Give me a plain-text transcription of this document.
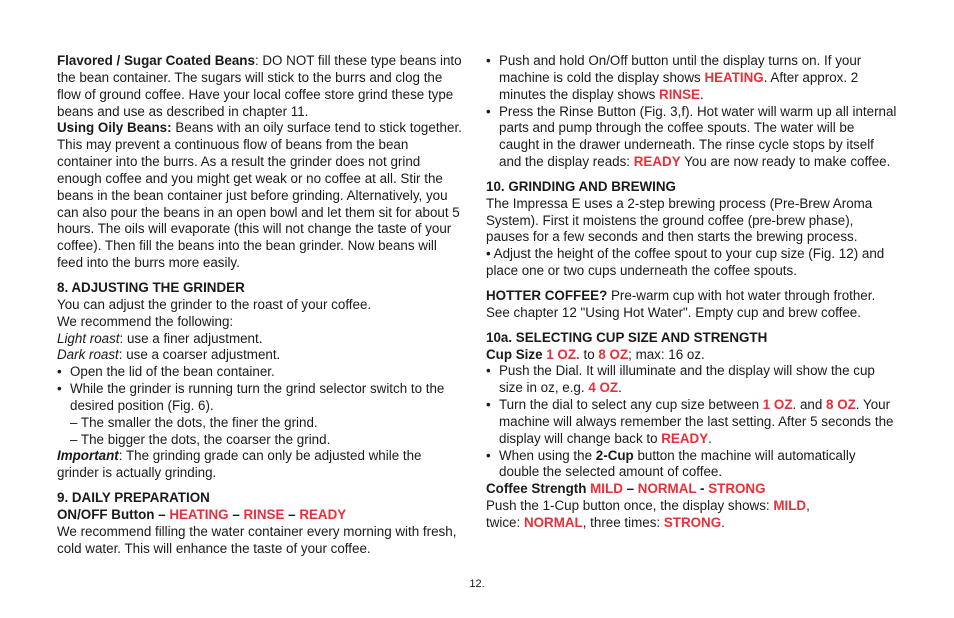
Flavored / Sugar Coated Beans: DO NOT fill these type beans into the bean container. The sugars will stick to the burrs and clog the flow of ground coffee. Have your local coffee store grind these type beans and use as described in chapter 11.

Using Oily Beans: Beans with an oily surface tend to stick together. This may prevent a continuous flow of beans from the bean container into the burrs. As a result the grinder does not grind enough coffee and you might get weak or no coffee at all. Stir the beans in the bean container just before grinding. Alternatively, you can also pour the beans in an open bowl and let them sit for about 5 hours. The oils will evaporate (this will not change the taste of your coffee). Then fill the beans into the bean grinder. Now beans will feed into the burrs more easily.

8. ADJUSTING THE GRINDER

You can adjust the grinder to the roast of your coffee.

We recommend the following:

Light roast: use a finer adjustment.

Dark roast: use a coarser adjustment.

• Open the lid of the bean container.

• While the grinder is running turn the grind selector switch to the desired position (Fig. 6).

– The smaller the dots, the finer the grind.

– The bigger the dots, the coarser the grind.

Important: The grinding grade can only be adjusted while the grinder is actually grinding.

9. DAILY PREPARATION

ON/OFF Button – HEATING – RINSE – READY

We recommend filling the water container every morning with fresh, cold water. This will enhance the taste of your coffee.

• Push and hold On/Off button until the display turns on. If your machine is cold the display shows HEATING. After approx. 2 minutes the display shows RINSE.

• Press the Rinse Button (Fig. 3,f). Hot water will warm up all internal parts and pump through the coffee spouts. The water will be caught in the drawer underneath. The rinse cycle stops by itself and the display reads: READY You are now ready to make coffee.

10. GRINDING AND BREWING

The Impressa E uses a 2-step brewing process (Pre-Brew Aroma System). First it moistens the ground coffee (pre-brew phase), pauses for a few seconds and then starts the brewing process.

• Adjust the height of the coffee spout to your cup size (Fig. 12) and place one or two cups underneath the coffee spouts.

HOTTER COFFEE? Pre-warm cup with hot water through frother. See chapter 12 "Using Hot Water". Empty cup and brew coffee.

10a. SELECTING CUP SIZE AND STRENGTH

Cup Size 1 OZ. to 8 OZ; max: 16 oz.

• Push the Dial. It will illuminate and the display will show the cup size in oz, e.g. 4 OZ.

• Turn the dial to select any cup size between 1 OZ. and 8 OZ. Your machine will always remember the last setting. After 5 seconds the display will change back to READY.

• When using the 2-Cup button the machine will automatically double the selected amount of coffee.

Coffee Strength MILD – NORMAL - STRONG

Push the 1-Cup button once, the display shows: MILD,

twice: NORMAL, three times: STRONG.

12.
